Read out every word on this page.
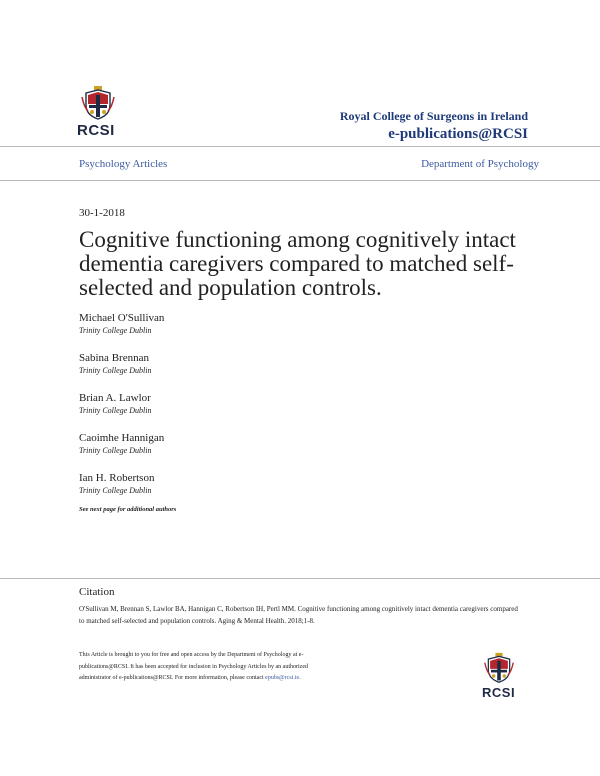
RCSI
Royal College of Surgeons in Ireland
e-publications@RCSI
Psychology Articles	Department of Psychology
30-1-2018
Cognitive functioning among cognitively intact dementia caregivers compared to matched self-selected and population controls.
Michael O'Sullivan
Trinity College Dublin
Sabina Brennan
Trinity College Dublin
Brian A. Lawlor
Trinity College Dublin
Caoimhe Hannigan
Trinity College Dublin
Ian H. Robertson
Trinity College Dublin
See next page for additional authors
Citation
O'Sullivan M, Brennan S, Lawlor BA, Hannigan C, Robertson IH, Pertl MM. Cognitive functioning among cognitively intact dementia caregivers compared to matched self-selected and population controls. Aging & Mental Health. 2018;1-8.
This Article is brought to you for free and open access by the Department of Psychology at e-publications@RCSI. It has been accepted for inclusion in Psychology Articles by an authorized administrator of e-publications@RCSI. For more information, please contact epubs@rcsi.ie.
RCSI
